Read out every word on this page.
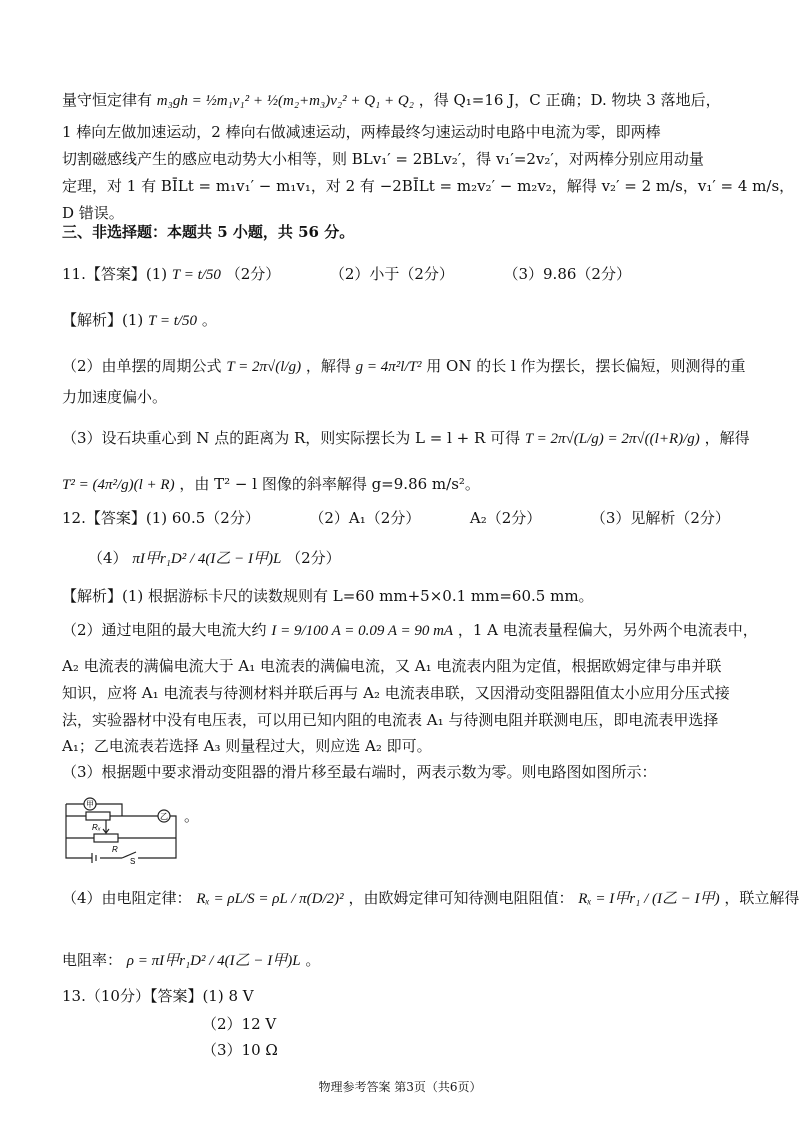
量守恒定律有 m₃gh = ½m₁v₁² + ½(m₂+m₃)v₂² + Q₁ + Q₂ ，得 Q₁=16 J，C 正确；D. 物块 3 落地后，
1 棒向左做加速运动，2 棒向右做减速运动，两棒最终匀速运动时电路中电流为零，即两棒
切割磁感线产生的感应电动势大小相等，则 BLv₁′ = 2BLv₂′，得 v₁′=2v₂′，对两棒分别应用动量
定理，对 1 有 BĪLt = m₁v₁′ − m₁v₁，对 2 有 −2BĪLt = m₂v₂′ − m₂v₂，解得 v₂′ = 2 m/s，v₁′ = 4 m/s，
D 错误。
三、非选择题：本题共 5 小题，共 56 分。
11.【答案】(1) T = t/50 （2分）	（2）小于（2分）	（3）9.86（2分）
【解析】(1) T = t/50 。
（2）由单摆的周期公式 T = 2π√(l/g) ，解得 g = 4π²l/T² 用 ON 的长 l 作为摆长，摆长偏短，则测得的重
力加速度偏小。
（3）设石块重心到 N 点的距离为 R，则实际摆长为 L = l + R 可得 T = 2π√(L/g) = 2π√((l+R)/g) ，解得
T² = (4π²/g)(l + R) ，由 T² − l 图像的斜率解得 g=9.86 m/s²。
12.【答案】(1) 60.5（2分）	（2）A₁（2分）	A₂（2分）	（3）见解析（2分）
（4） πI甲r₁D² / 4(I乙 − I甲)L （2分）
【解析】(1) 根据游标卡尺的读数规则有 L=60 mm+5×0.1 mm=60.5 mm。
（2）通过电阻的最大电流大约 I = 9/100 A = 0.09 A = 90 mA ，1 A 电流表量程偏大，另外两个电流表中，
A₂ 电流表的满偏电流大于 A₁ 电流表的满偏电流，又 A₁ 电流表内阻为定值，根据欧姆定律与串并联
知识，应将 A₁ 电流表与待测材料并联后再与 A₂ 电流表串联，又因滑动变阻器阻值太小应用分压式接
法，实验器材中没有电压表，可以用已知内阻的电流表 A₁ 与待测电阻并联测电压，即电流表甲选择
A₁；乙电流表若选择 A₃ 则量程过大，则应选 A₂ 即可。
（3）根据题中要求滑动变阻器的滑片移至最右端时，两表示数为零。则电路图如图所示：
甲
乙
Rₓ
R
S
。
（4）由电阻定律： Rₓ = ρL/S = ρL / π(D/2)² ，由欧姆定律可知待测电阻阻值： Rₓ = I甲r₁ / (I乙 − I甲) ，联立解得
电阻率： ρ = πI甲r₁D² / 4(I乙 − I甲)L 。
13.（10分）【答案】(1) 8 V
（2）12 V
（3）10 Ω
物理参考答案 第3页（共6页）
